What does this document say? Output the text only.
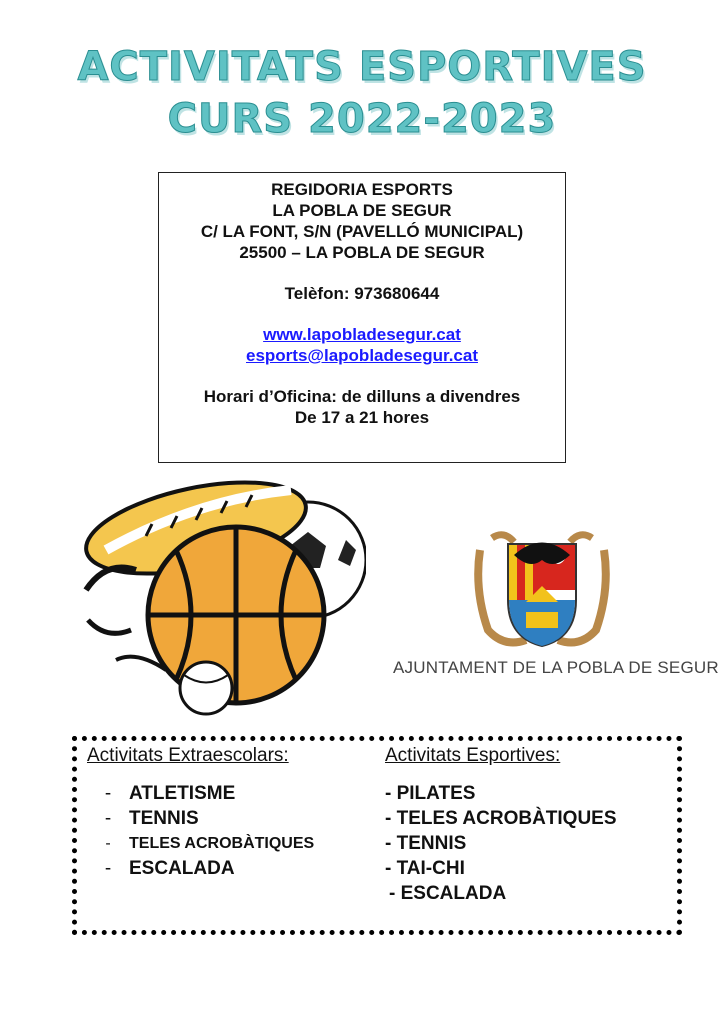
ACTIVITATS ESPORTIVES
CURS 2022-2023
REGIDORIA ESPORTS
LA POBLA DE SEGUR
C/ LA FONT, S/N (PAVELLÓ MUNICIPAL)
25500 – LA POBLA DE SEGUR
Telèfon: 973680644
www.lapobladesegur.cat
esports@lapobladesegur.cat
Horari d’Oficina: de dilluns a divendres
De 17 a 21 hores
AJUNTAMENT DE LA POBLA DE SEGUR
Activitats Extraescolars:
- ATLETISME
- TENNIS
- TELES ACROBÀTIQUES
- ESCALADA
Activitats Esportives:
- PILATES
- TELES ACROBÀTIQUES
- TENNIS
- TAI-CHI
- ESCALADA
